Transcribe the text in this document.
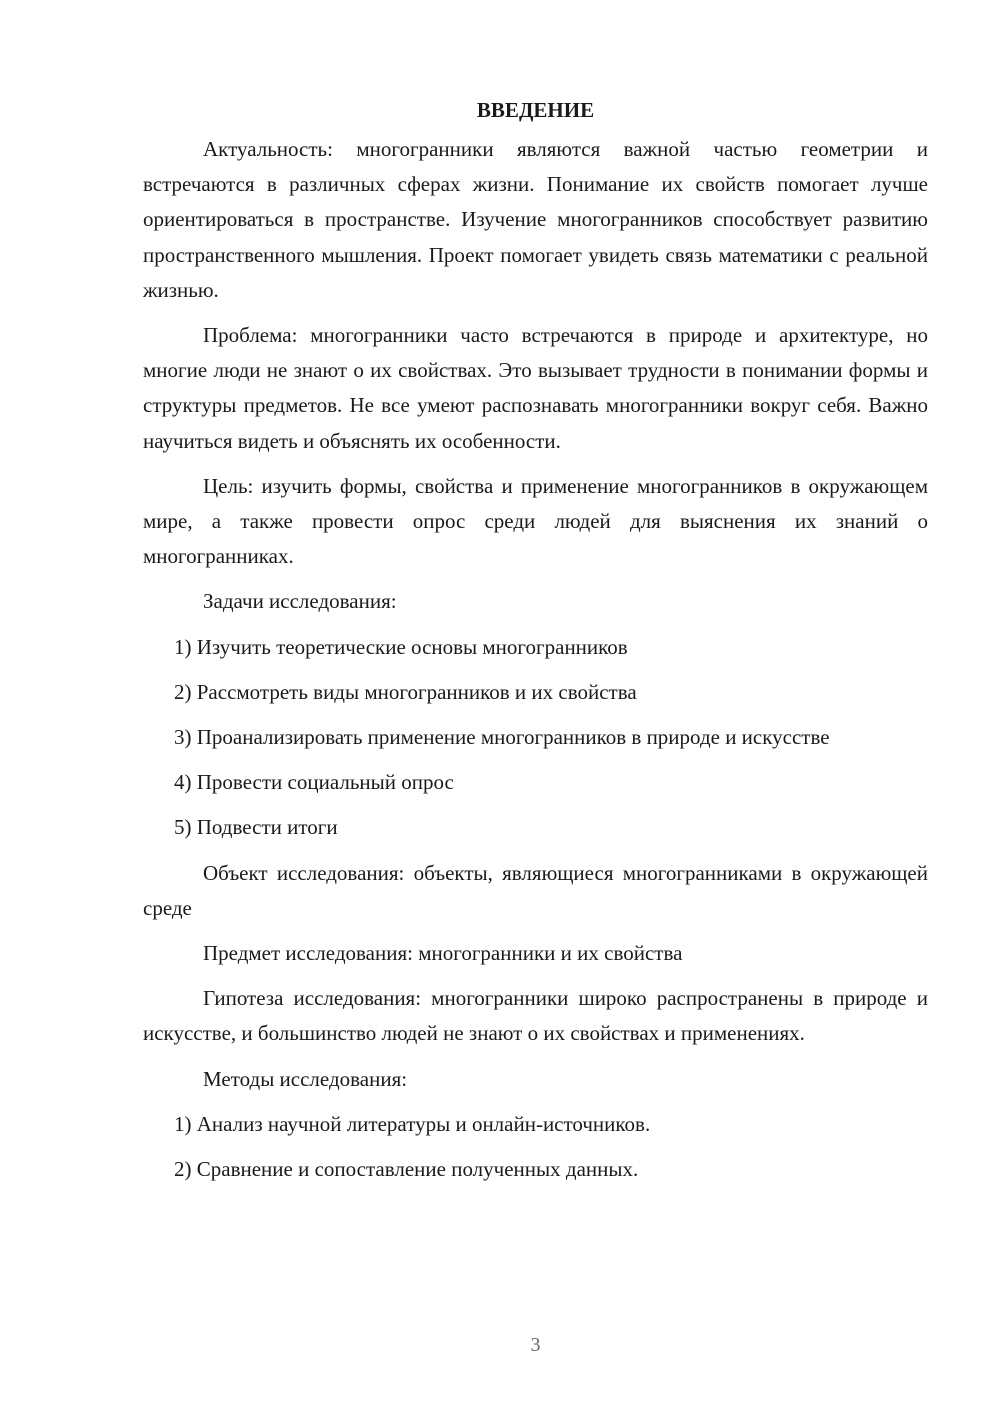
ВВЕДЕНИЕ

Актуальность: многогранники являются важной частью геометрии и встречаются в различных сферах жизни. Понимание их свойств помогает лучше ориентироваться в пространстве. Изучение многогранников способствует развитию пространственного мышления. Проект помогает увидеть связь математики с реальной жизнью.

Проблема: многогранники часто встречаются в природе и архитектуре, но многие люди не знают о их свойствах. Это вызывает трудности в понимании формы и структуры предметов. Не все умеют распознавать многогранники вокруг себя. Важно научиться видеть и объяснять их особенности.

Цель: изучить формы, свойства и применение многогранников в окружающем мире, а также провести опрос среди людей для выяснения их знаний о многогранниках.

Задачи исследования:

1) Изучить теоретические основы многогранников

2) Рассмотреть виды многогранников и их свойства

3) Проанализировать применение многогранников в природе и искусстве

4) Провести социальный опрос

5) Подвести итоги

Объект исследования: объекты, являющиеся многогранниками в окружающей среде

Предмет исследования: многогранники и их свойства

Гипотеза исследования: многогранники широко распространены в природе и искусстве, и большинство людей не знают о их свойствах и применениях.

Методы исследования:

1) Анализ научной литературы и онлайн-источников.

2) Сравнение и сопоставление полученных данных.

3
